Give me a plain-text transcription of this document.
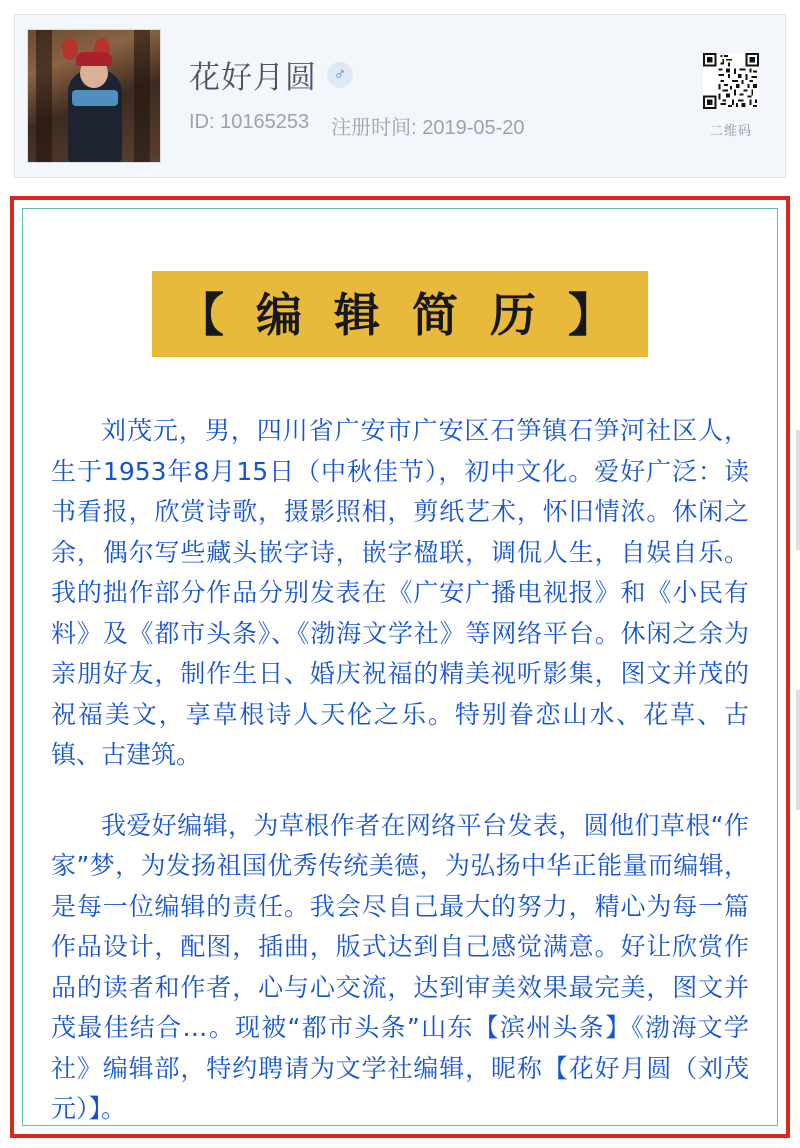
花好月圆 ♂
ID: 10165253 注册时间: 2019-05-20	二维码
【 编 辑 简 历 】

刘茂元，男，四川省广安市广安区石笋镇石笋河社区人，生于1953年8月15日（中秋佳节），初中文化。爱好广泛：读书看报，欣赏诗歌，摄影照相，剪纸艺术，怀旧情浓。休闲之余，偶尔写些藏头嵌字诗，嵌字楹联，调侃人生，自娱自乐。我的拙作部分作品分别发表在《广安广播电视报》和《小民有料》及《都市头条》、《渤海文学社》等网络平台。休闲之余为亲朋好友，制作生日、婚庆祝福的精美视听影集，图文并茂的祝福美文，享草根诗人天伦之乐。特别眷恋山水、花草、古镇、古建筑。

我爱好编辑，为草根作者在网络平台发表，圆他们草根“作家”梦，为发扬祖国优秀传统美德，为弘扬中华正能量而编辑，是每一位编辑的责任。我会尽自己最大的努力，精心为每一篇作品设计，配图，插曲，版式达到自己感觉满意。好让欣赏作品的读者和作者，心与心交流，达到审美效果最完美，图文并茂最佳结合…。现被“都市头条”山东【滨州头条】《渤海文学社》编辑部，特约聘请为文学社编辑，昵称【花好月圆（刘茂元）】。
